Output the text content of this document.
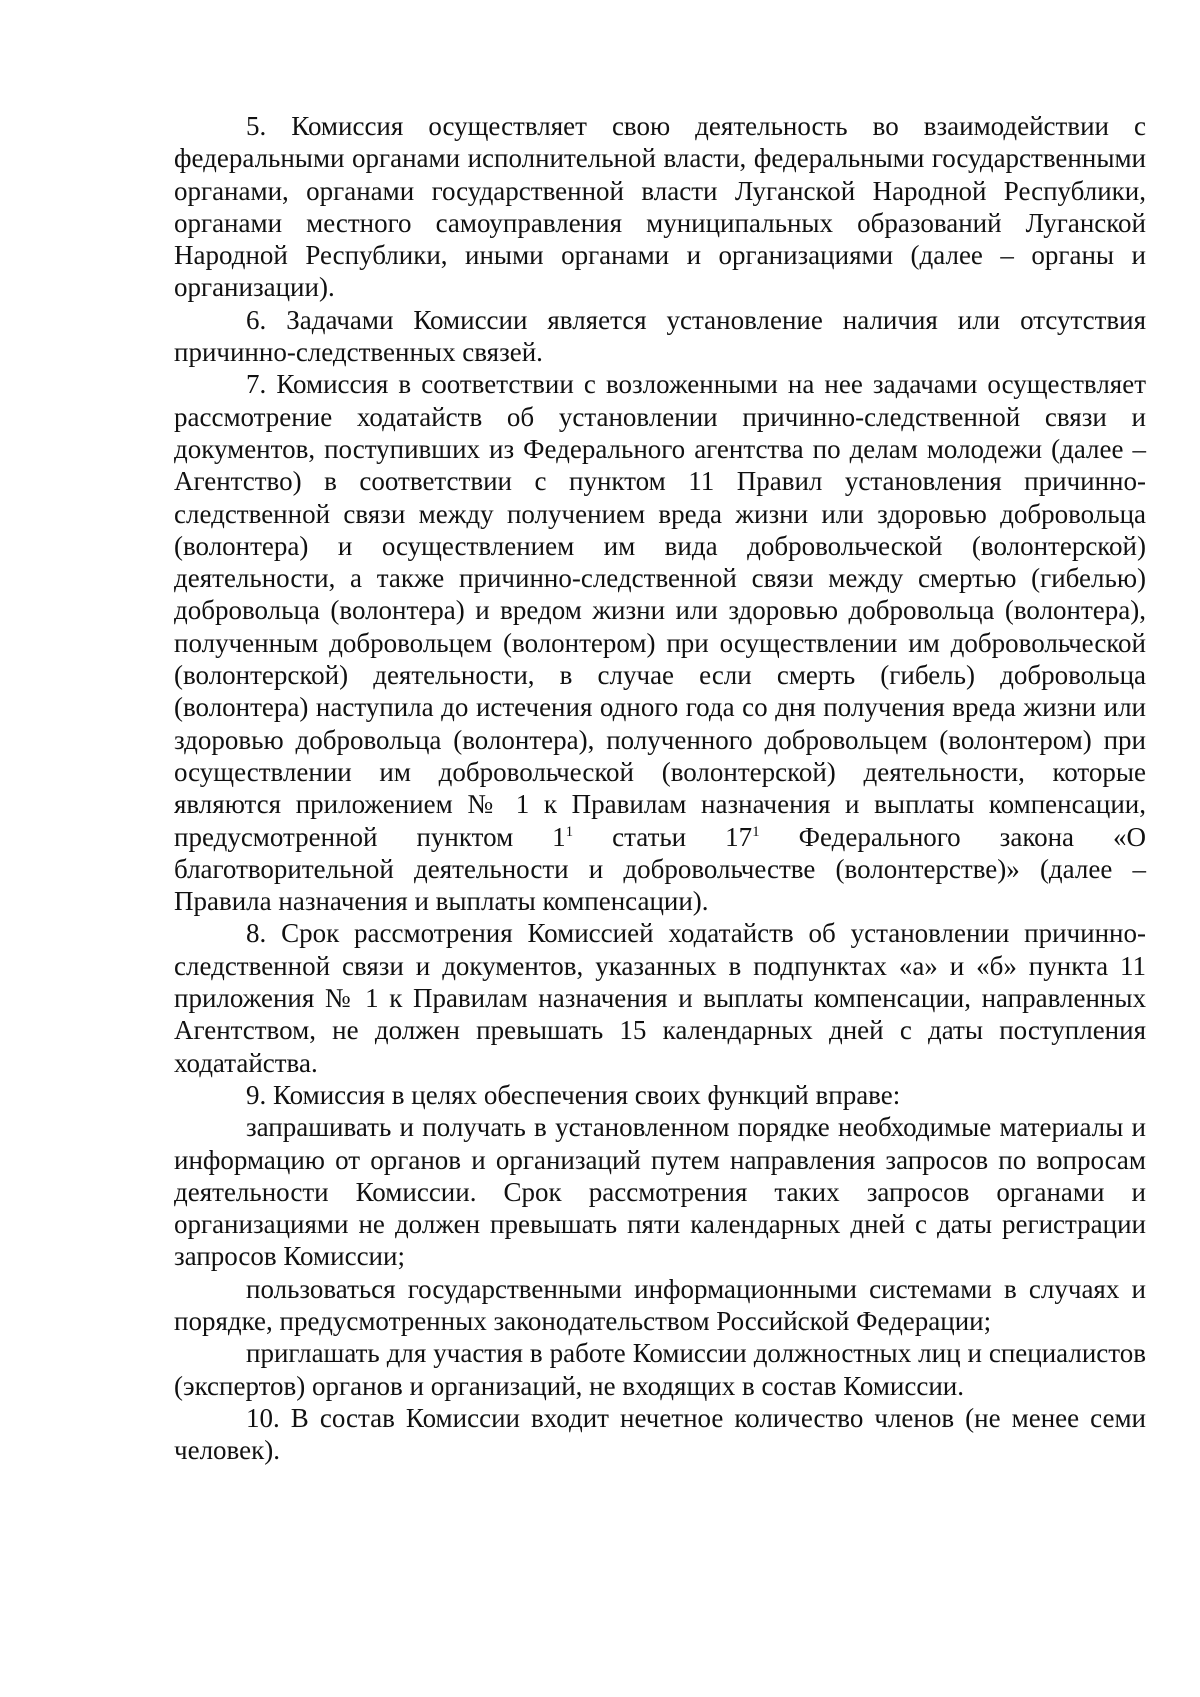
5. Комиссия осуществляет свою деятельность во взаимодействии с федеральными органами исполнительной власти, федеральными государственными органами, органами государственной власти Луганской Народной Республики, органами местного самоуправления муниципальных образований Луганской Народной Республики, иными органами и организациями (далее – органы и организации).

6. Задачами Комиссии является установление наличия или отсутствия причинно-следственных связей.

7. Комиссия в соответствии с возложенными на нее задачами осуществляет рассмотрение ходатайств об установлении причинно-следственной связи и документов, поступивших из Федерального агентства по делам молодежи (далее – Агентство) в соответствии с пунктом 11 Правил установления причинно-следственной связи между получением вреда жизни или здоровью добровольца (волонтера) и осуществлением им вида добровольческой (волонтерской) деятельности, а также причинно-следственной связи между смертью (гибелью) добровольца (волонтера) и вредом жизни или здоровью добровольца (волонтера), полученным добровольцем (волонтером) при осуществлении им добровольческой (волонтерской) деятельности, в случае если смерть (гибель) добровольца (волонтера) наступила до истечения одного года со дня получения вреда жизни или здоровью добровольца (волонтера), полученного добровольцем (волонтером) при осуществлении им добровольческой (волонтерской) деятельности, которые являются приложением № 1 к Правилам назначения и выплаты компенсации, предусмотренной пунктом $1^1$ статьи $17^1$ Федерального закона «О благотворительной деятельности и добровольчестве (волонтерстве)» (далее – Правила назначения и выплаты компенсации).

8. Срок рассмотрения Комиссией ходатайств об установлении причинно-следственной связи и документов, указанных в подпунктах «а» и «б» пункта 11 приложения № 1 к Правилам назначения и выплаты компенсации, направленных Агентством, не должен превышать 15 календарных дней с даты поступления ходатайства.

9. Комиссия в целях обеспечения своих функций вправе:

запрашивать и получать в установленном порядке необходимые материалы и информацию от органов и организаций путем направления запросов по вопросам деятельности Комиссии. Срок рассмотрения таких запросов органами и организациями не должен превышать пяти календарных дней с даты регистрации запросов Комиссии;

пользоваться государственными информационными системами в случаях и порядке, предусмотренных законодательством Российской Федерации;

приглашать для участия в работе Комиссии должностных лиц и специалистов (экспертов) органов и организаций, не входящих в состав Комиссии.

10. В состав Комиссии входит нечетное количество членов (не менее семи человек).
